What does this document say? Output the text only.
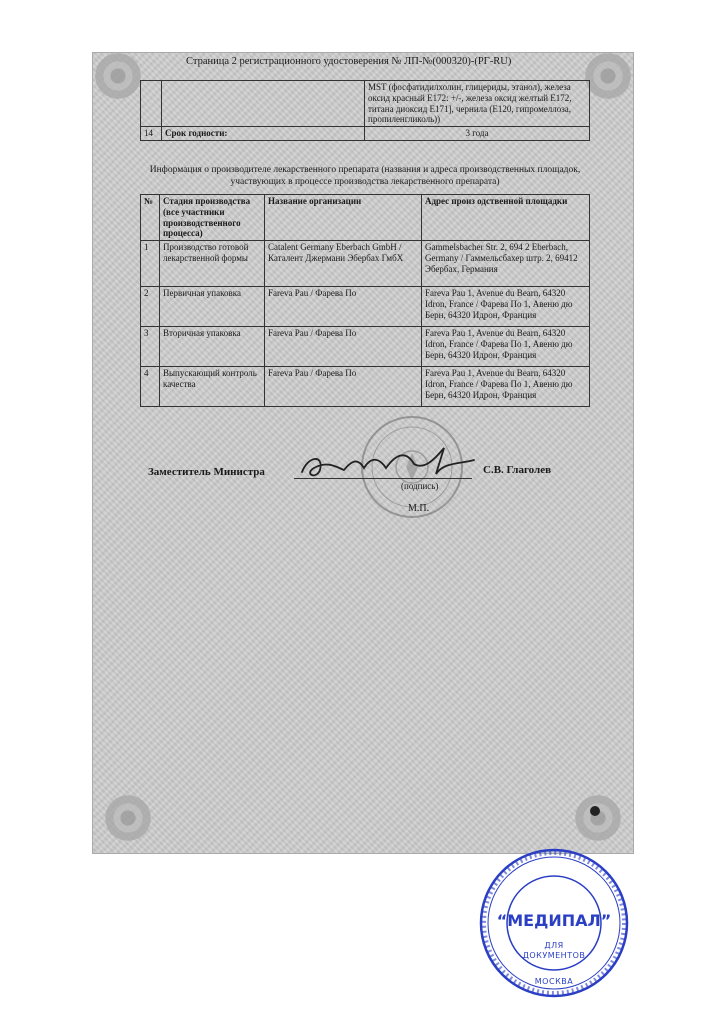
Страница 2 регистрационного удостоверения № ЛП-№(000320)-(РГ-RU)
		MST (фосфатидилхолин, глицериды, этанол), железа оксид красный E172: +/-, железа оксид желтый E172, титана диоксид E171], чернила (E120, гипромеллоза, пропиленгликоль))
14	Срок годности:	3 года
Информация о производителе лекарственного препарата (названия и адреса производственных площадок,
участвующих в процессе производства лекарственного препарата)
№	Стадия производства (все участники производственного процесса)	Название организации	Адрес произ одственной площадки
1	Производство готовой лекарственной формы	Catalent Germany Eberbach GmbH / Каталент Джермани Эбербах ГмбХ	Gammelsbacher Str. 2, 694 2 Eberbach, Germany / Гаммельсбахер штр. 2, 69412 Эбербах, Германия
2	Первичная упаковка	Fareva Pau / Фарева По	Fareva Pau 1, Avenue du Bearn, 64320 Idron, France / Фарева По 1, Авеню дю Берн, 64320 Идрон, Франция
3	Вторичная упаковка	Fareva Pau / Фарева По	Fareva Pau 1, Avenue du Bearn, 64320 Idron, France / Фарева По 1, Авеню дю Берн, 64320 Идрон, Франция
4	Выпускающий контроль качества	Fareva Pau / Фарева По	Fareva Pau 1, Avenue du Bearn, 64320 Idron, France / Фарева По 1, Авеню дю Берн, 64320 Идрон, Франция
Заместитель Министра	С.В. Глаголев
(подпись)
М.П.
“МЕДИПАЛ”
ДЛЯ
ДОКУМЕНТОВ
МОСКВА
